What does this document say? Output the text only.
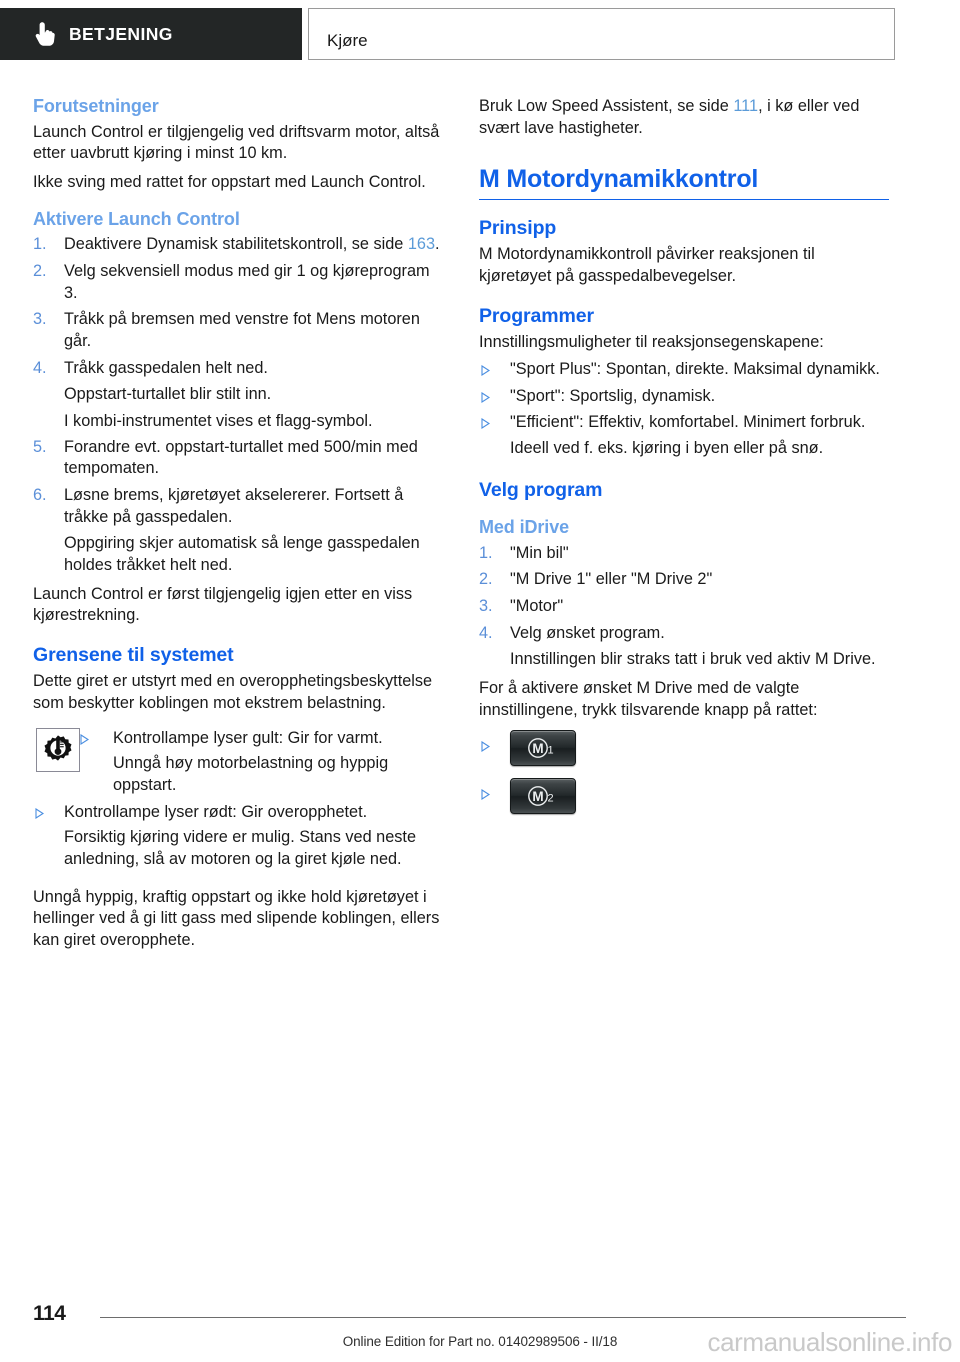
BETJENING	Kjøre
Forutsetninger

Launch Control er tilgjengelig ved driftsvarm motor, altså etter uavbrutt kjøring i minst 10 km.

Ikke sving med rattet for oppstart med Launch Control.

Aktivere Launch Control
1.	Deaktivere Dynamisk stabilitetskontroll, se side 163.
2.	Velg sekvensiell modus med gir 1 og kjøreprogram 3.
3.	Tråkk på bremsen med venstre fot Mens motoren går.
4.	Tråkk gasspedalen helt ned.
Oppstart-turtallet blir stilt inn.
I kombi-instrumentet vises et flagg-symbol.
5.	Forandre evt. oppstart-turtallet med 500/min med tempomaten.
6.	Løsne brems, kjøretøyet akselererer. Fortsett å tråkke på gasspedalen.
Oppgiring skjer automatisk så lenge gasspedalen holdes tråkket helt ned.

Launch Control er først tilgjengelig igjen etter en viss kjørestrekning.

Grensene til systemet

Dette giret er utstyrt med en overopphetingsbeskyttelse som beskytter koblingen mot ekstrem belastning.

Kontrollampe lyser gult: Gir for varmt.
Unngå høy motorbelastning og hyppig oppstart.
Kontrollampe lyser rødt: Gir overopphetet.
Forsiktig kjøring videre er mulig. Stans ved neste anledning, slå av motoren og la giret kjøle ned.

Unngå hyppig, kraftig oppstart og ikke hold kjøretøyet i hellinger ved å gi litt gass med slipende koblingen, ellers kan giret overopphete.

Bruk Low Speed Assistent, se side 111, i kø eller ved svært lave hastigheter.

M Motordynamikkontrol
Prinsipp

M Motordynamikkontroll påvirker reaksjonen til kjøretøyet på gasspedalbevegelser.

Programmer

Innstillingsmuligheter til reaksjonsegenskapene:

"Sport Plus": Spontan, direkte. Maksimal dynamikk.
"Sport": Sportslig, dynamisk.
"Efficient": Effektiv, komfortabel. Minimert forbruk.
Ideell ved f. eks. kjøring i byen eller på snø.
Velg program
Med iDrive
1.	"Min bil"
2.	"M Drive 1" eller "M Drive 2"
3.	"Motor"
4.	Velg ønsket program.
Innstillingen blir straks tatt i bruk ved aktiv M Drive.

For å aktivere ønsket M Drive med de valgte innstillingene, trykk tilsvarende knapp på rattet:

M 1
M 2
114
Online Edition for Part no. 01402989506 - II/18	carmanualsonline.info
